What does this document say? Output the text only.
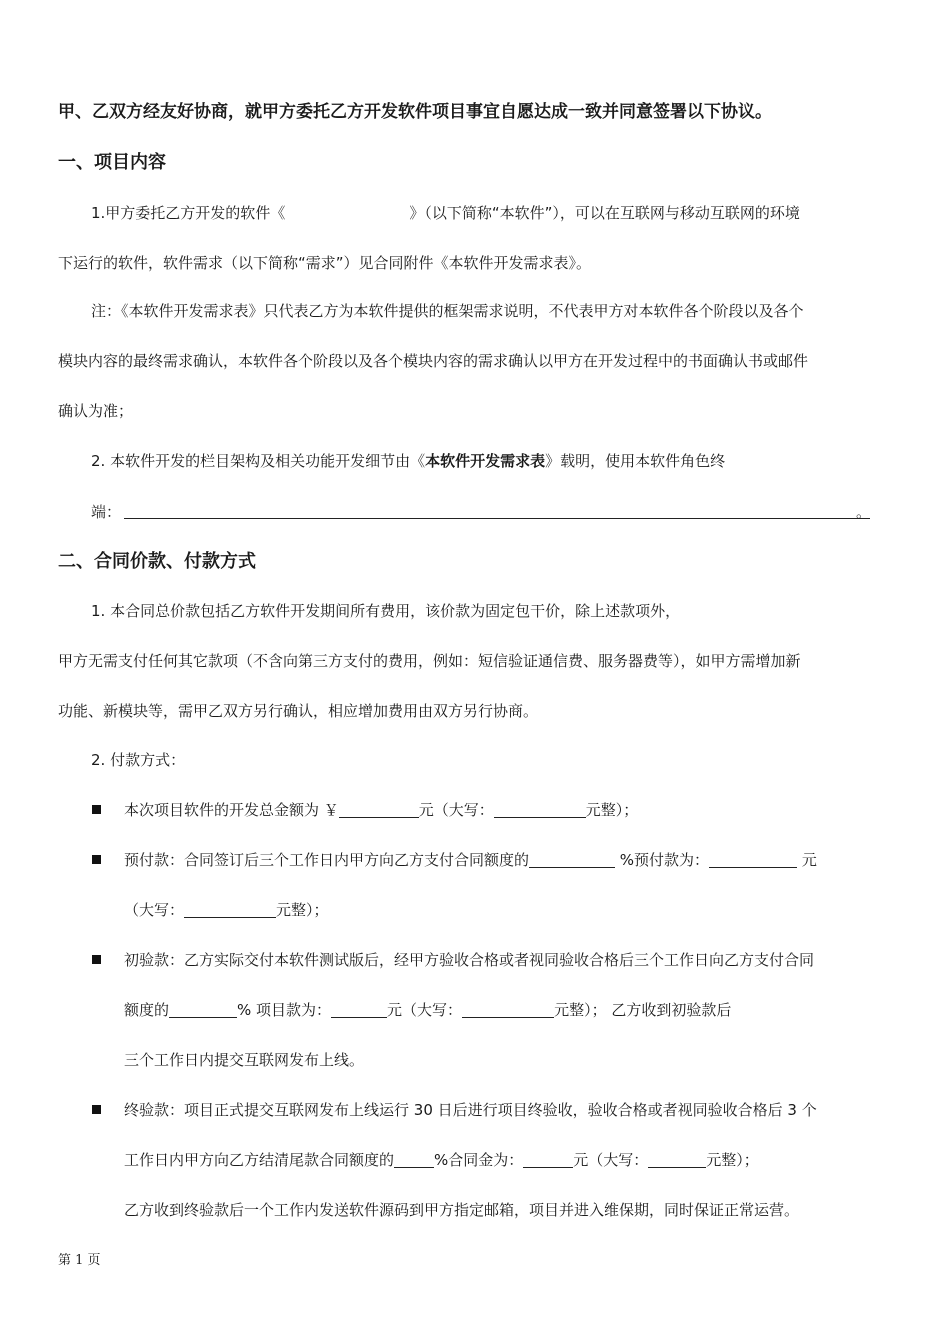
甲、乙双方经友好协商，就甲方委托乙方开发软件项目事宜自愿达成一致并同意签署以下协议。
一、项目内容
1.甲方委托乙方开发的软件《	》（以下简称“本软件”），可以在互联网与移动互联网的环境
下运行的软件，软件需求（以下简称“需求”）见合同附件《本软件开发需求表》。
注：《本软件开发需求表》只代表乙方为本软件提供的框架需求说明，不代表甲方对本软件各个阶段以及各个
模块内容的最终需求确认，本软件各个阶段以及各个模块内容的需求确认以甲方在开发过程中的书面确认书或邮件
确认为准；
2. 本软件开发的栏目架构及相关功能开发细节由《本软件开发需求表》载明，使用本软件角色终
端：	。
二、合同价款、付款方式
1. 本合同总价款包括乙方软件开发期间所有费用，该价款为固定包干价，除上述款项外，
甲方无需支付任何其它款项（不含向第三方支付的费用，例如：短信验证通信费、服务器费等），如甲方需增加新
功能、新模块等，需甲乙双方另行确认，相应增加费用由双方另行协商。
2. 付款方式：
本次项目软件的开发总金额为 ￥	元（大写：	元整）；
预付款：合同签订后三个工作日内甲方向乙方支付合同额度的	%预付款为：	元
（大写：	元整）；
初验款：乙方实际交付本软件测试版后，经甲方验收合格或者视同验收合格后三个工作日向乙方支付合同
额度的	% 项目款为：	元（大写：	元整）； 乙方收到初验款后
三个工作日内提交互联网发布上线。
终验款：项目正式提交互联网发布上线运行 30 日后进行项目终验收，验收合格或者视同验收合格后 3 个
工作日内甲方向乙方结清尾款合同额度的	%合同金为：	元（大写：	元整）；
乙方收到终验款后一个工作内发送软件源码到甲方指定邮箱，项目并进入维保期，同时保证正常运营。
第 1 页
